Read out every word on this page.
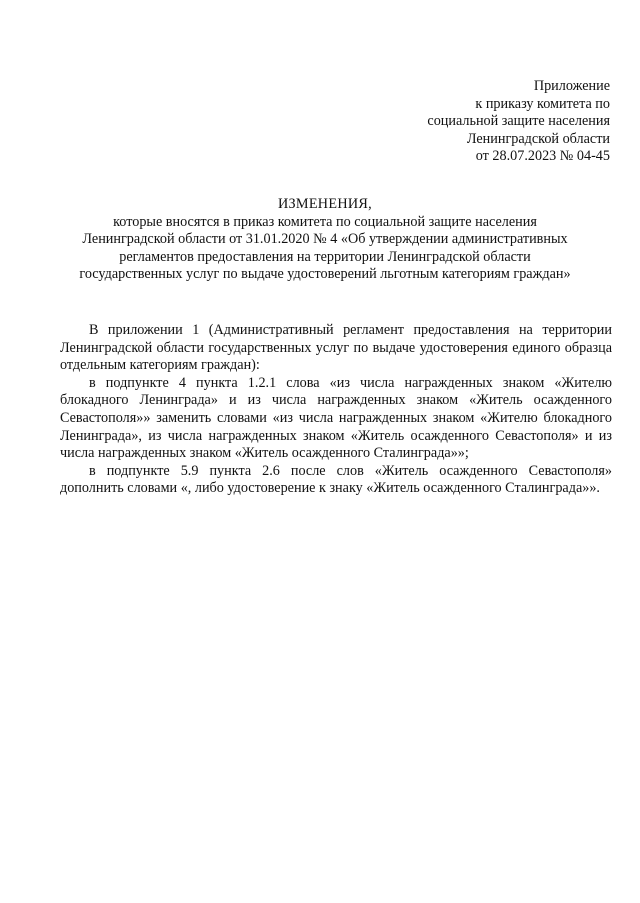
Приложение
к приказу комитета по
социальной защите населения
Ленинградской области
от 28.07.2023 № 04-45
ИЗМЕНЕНИЯ,
которые вносятся в приказ комитета по социальной защите населения
Ленинградской области от 31.01.2020 № 4 «Об утверждении административных
регламентов предоставления на территории Ленинградской области
государственных услуг по выдаче удостоверений льготным категориям граждан»

В приложении 1 (Административный регламент предоставления на территории Ленинградской области государственных услуг по выдаче удостоверения единого образца отдельным категориям граждан):

в подпункте 4 пункта 1.2.1 слова «из числа награжденных знаком «Жителю блокадного Ленинграда» и из числа награжденных знаком «Житель осажденного Севастополя»» заменить словами «из числа награжденных знаком «Жителю блокадного Ленинграда», из числа награжденных знаком «Житель осажденного Севастополя» и из числа награжденных знаком «Житель осажденного Сталинграда»»;

в подпункте 5.9 пункта 2.6 после слов «Житель осажденного Севастополя» дополнить словами «, либо удостоверение к знаку «Житель осажденного Сталинграда»».
